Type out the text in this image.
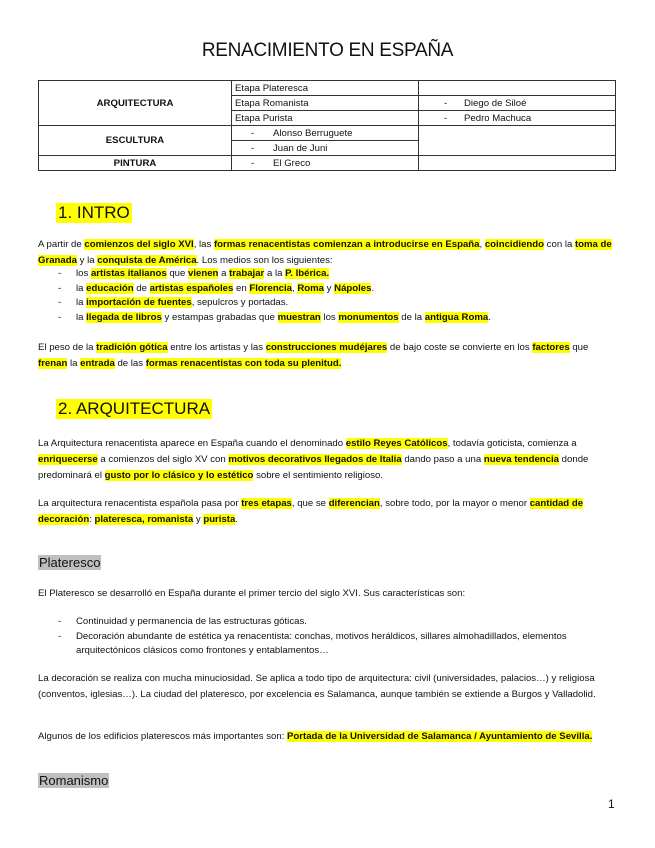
RENACIMIENTO EN ESPAÑA
ARQUITECTURA	Etapa Plateresca	
	Etapa Romanista	- Diego de Siloé
	Etapa Purista	- Pedro Machuca
ESCULTURA	- Alonso Berruguete	
	- Juan de Juni	
PINTURA	- El Greco	
1. INTRO
A partir de comienzos del siglo XVI, las formas renacentistas comienzan a introducirse en España, coincidiendo con la toma de Granada y la conquista de América. Los medios son los siguientes:
- los artistas italianos que vienen a trabajar a la P. Ibérica.
- la educación de artistas españoles en Florencia, Roma y Nápoles.
- la importación de fuentes, sepulcros y portadas.
- la llegada de libros y estampas grabadas que muestran los monumentos de la antigua Roma.
El peso de la tradición gótica entre los artistas y las construcciones mudéjares de bajo coste se convierte en los factores que frenan la entrada de las formas renacentistas con toda su plenitud.
2. ARQUITECTURA
La Arquitectura renacentista aparece en España cuando el denominado estilo Reyes Católicos, todavía goticista, comienza a enriquecerse a comienzos del siglo XV con motivos decorativos llegados de Italia dando paso a una nueva tendencia donde predominará el gusto por lo clásico y lo estético sobre el sentimiento religioso.
La arquitectura renacentista española pasa por tres etapas, que se diferencian, sobre todo, por la mayor o menor cantidad de decoración: plateresca, romanista y purista.
Plateresco
El Plateresco se desarrolló en España durante el primer tercio del siglo XVI. Sus características son:
- Continuidad y permanencia de las estructuras góticas.
- Decoración abundante de estética ya renacentista: conchas, motivos heráldicos, sillares almohadillados, elementos arquitectónicos clásicos como frontones y entablamentos…
La decoración se realiza con mucha minuciosidad. Se aplica a todo tipo de arquitectura: civil (universidades, palacios…) y religiosa (conventos, iglesias…). La ciudad del plateresco, por excelencia es Salamanca, aunque también se extiende a Burgos y Valladolid.
Algunos de los edificios platerescos más importantes son: Portada de la Universidad de Salamanca / Ayuntamiento de Sevilla.
Romanismo
1
